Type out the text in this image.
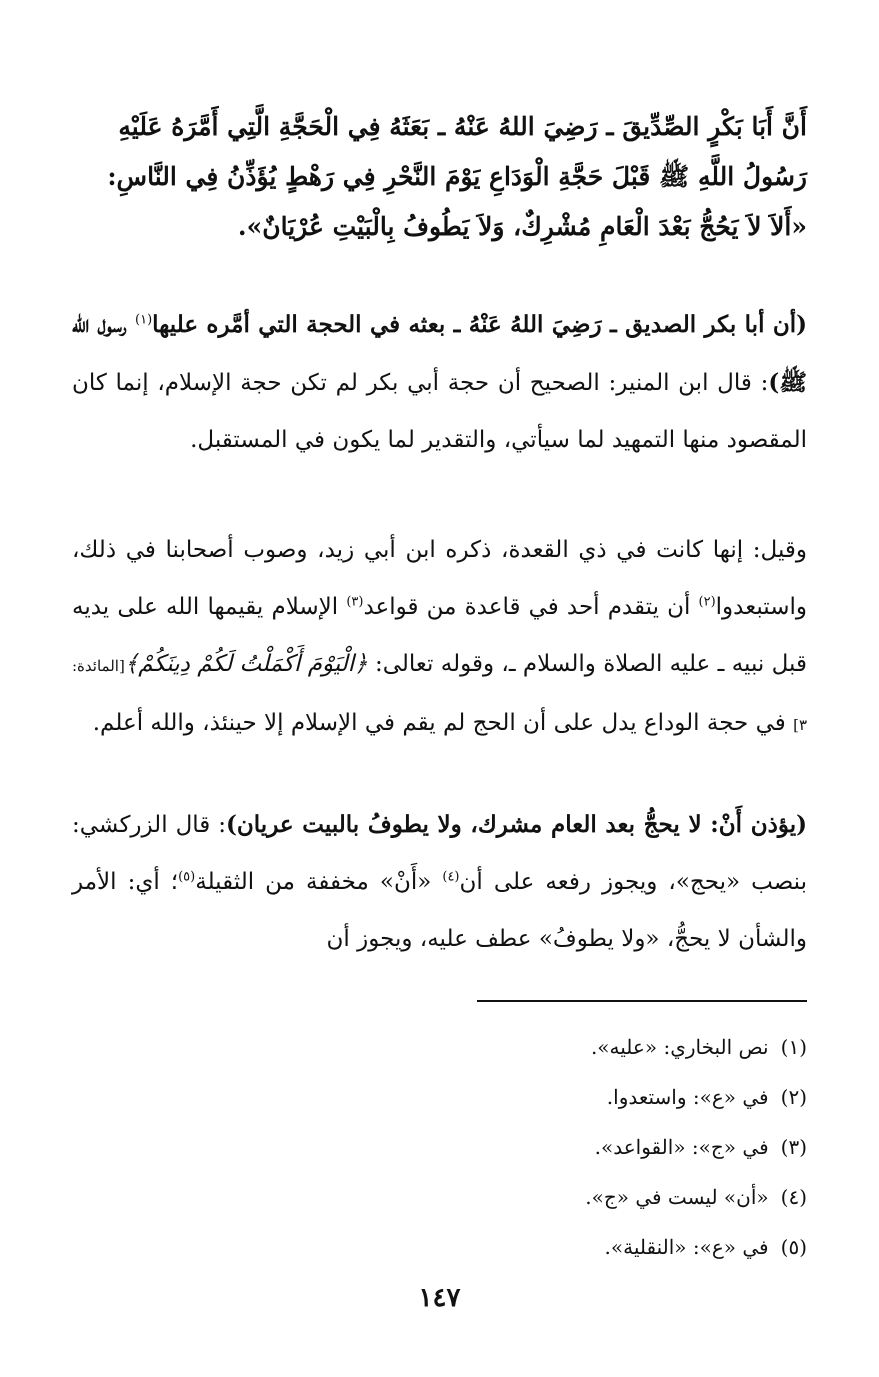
أَنَّ أَبَا بَكْرٍ الصِّدِّيقَ ـ رَضِيَ اللهُ عَنْهُ ـ بَعَثَهُ فِي الْحَجَّةِ الَّتِي أَمَّرَهُ عَلَيْهِ
رَسُولُ اللَّهِ ﷺ قَبْلَ حَجَّةِ الْوَدَاعِ يَوْمَ النَّحْرِ فِي رَهْطٍ يُؤَذِّنُ فِي النَّاسِ:
«أَلاَ لاَ يَحُجُّ بَعْدَ الْعَامِ مُشْرِكٌ، وَلاَ يَطُوفُ بِالْبَيْتِ عُرْيَانٌ».
(أن أبا بكر الصديق ـ رَضِيَ اللهُ عَنْهُ ـ بعثه في الحجة التي أمَّره عليها$^{(١)}$ رسول الله ﷺ): قال ابن المنير: الصحيح أن حجة أبي بكر لم تكن حجة الإسلام، إنما كان المقصود منها التمهيد لما سيأتي، والتقدير لما يكون في المستقبل.
وقيل: إنها كانت في ذي القعدة، ذكره ابن أبي زيد، وصوب أصحابنا في ذلك، واستبعدوا$^{(٢)}$ أن يتقدم أحد في قاعدة من قواعد$^{(٣)}$ الإسلام يقيمها الله على يديه قبل نبيه ـ عليه الصلاة والسلام ـ، وقوله تعالى: ﴿الْيَوْمَ أَكْمَلْتُ لَكُمْ دِينَكُمْ﴾[المائدة: ٣] في حجة الوداع يدل على أن الحج لم يقم في الإسلام إلا حينئذ، والله أعلم.
(يؤذن أَنْ: لا يحجُّ بعد العام مشرك، ولا يطوفُ بالبيت عريان): قال الزركشي: بنصب «يحج»، ويجوز رفعه على أن$^{(٤)}$ «أَنْ» مخففة من الثقيلة$^{(٥)}$؛ أي: الأمر والشأن لا يحجُّ، «ولا يطوفُ» عطف عليه، ويجوز أن
(١)نص البخاري: «عليه».
(٢)في «ع»: واستعدوا.
(٣)في «ج»: «القواعد».
(٤)«أن» ليست في «ج».
(٥)في «ع»: «النقلية».
١٤٧
